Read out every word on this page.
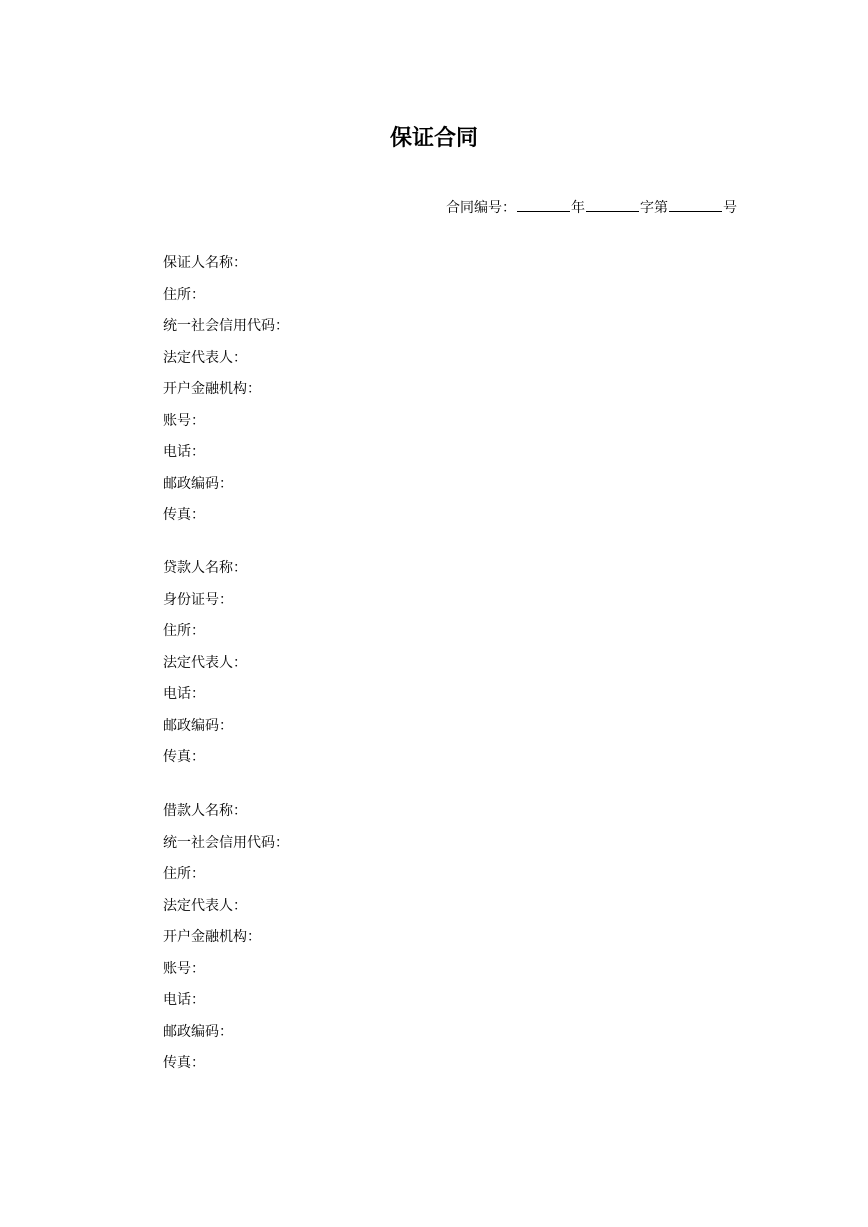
保证合同
合同编号：	年	字第	号
保证人名称：
住所：
统一社会信用代码：
法定代表人：
开户金融机构：
账号：
电话：
邮政编码：
传真：
贷款人名称：
身份证号：
住所：
法定代表人：
电话：
邮政编码：
传真：
借款人名称：
统一社会信用代码：
住所：
法定代表人：
开户金融机构：
账号：
电话：
邮政编码：
传真：
